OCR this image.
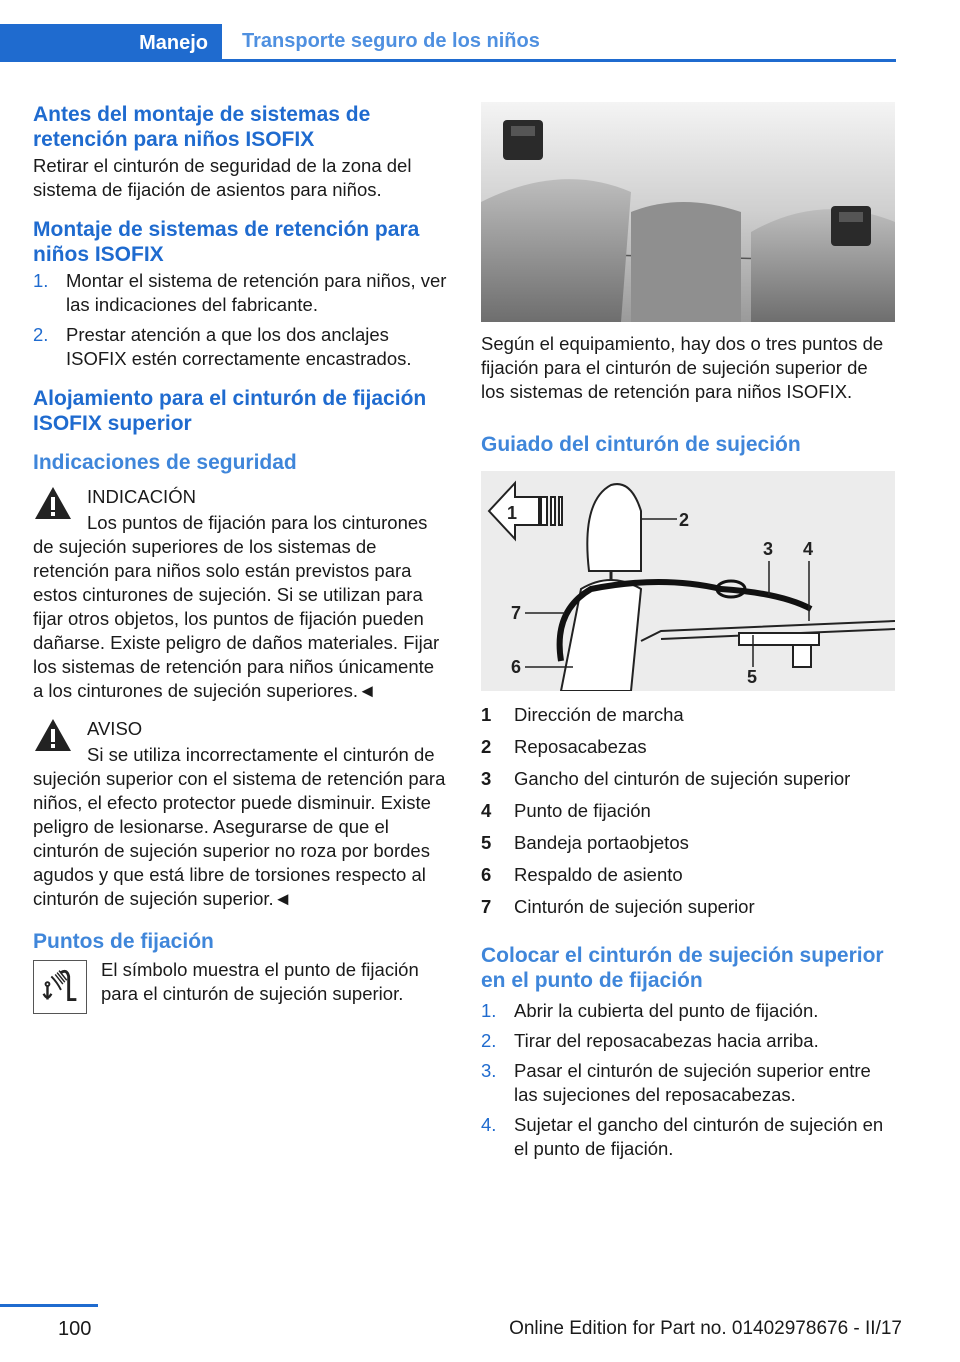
Manejo Transporte seguro de los niños
Antes del montaje de sistemas de retención para niños ISOFIX

Retirar el cinturón de seguridad de la zona del sistema de fijación de asientos para niños.

Montaje de sistemas de retención para niños ISOFIX
1. Montar el sistema de retención para niños, ver las indicaciones del fabricante.
2. Prestar atención a que los dos anclajes ISOFIX estén correctamente encastrados.
Alojamiento para el cinturón de fijación ISOFIX superior
Indicaciones de seguridad

INDICACIÓN

Los puntos de fijación para los cinturones de sujeción superiores de los sistemas de retención para niños solo están previstos para estos cinturones de sujeción. Si se utilizan para fijar otros objetos, los puntos de fijación pueden dañarse. Existe peligro de daños materiales. Fijar los sistemas de retención para niños únicamente a los cinturones de sujeción superiores.◄

AVISO

Si se utiliza incorrectamente el cinturón de sujeción superior con el sistema de retención para niños, el efecto protector puede disminuir. Existe peligro de lesionarse. Asegurarse de que el cinturón de sujeción superior no roza por bordes agudos y que está libre de torsiones respecto al cinturón de sujeción superior.◄

Puntos de fijación

El símbolo muestra el punto de fijación para el cinturón de sujeción superior.

Según el equipamiento, hay dos o tres puntos de fijación para el cinturón de sujeción superior de los sistemas de retención para niños ISOFIX.

Guiado del cinturón de sujeción
1	2
3 4
5
6
7
1	Dirección de marcha
2	Reposacabezas
3	Gancho del cinturón de sujeción superior
4	Punto de fijación
5	Bandeja portaobjetos
6	Respaldo de asiento
7	Cinturón de sujeción superior
Colocar el cinturón de sujeción superior en el punto de fijación
1. Abrir la cubierta del punto de fijación.
2. Tirar del reposacabezas hacia arriba.
3. Pasar el cinturón de sujeción superior entre las sujeciones del reposacabezas.
4. Sujetar el gancho del cinturón de sujeción en el punto de fijación.
100	Online Edition for Part no. 01402978676 - II/17
